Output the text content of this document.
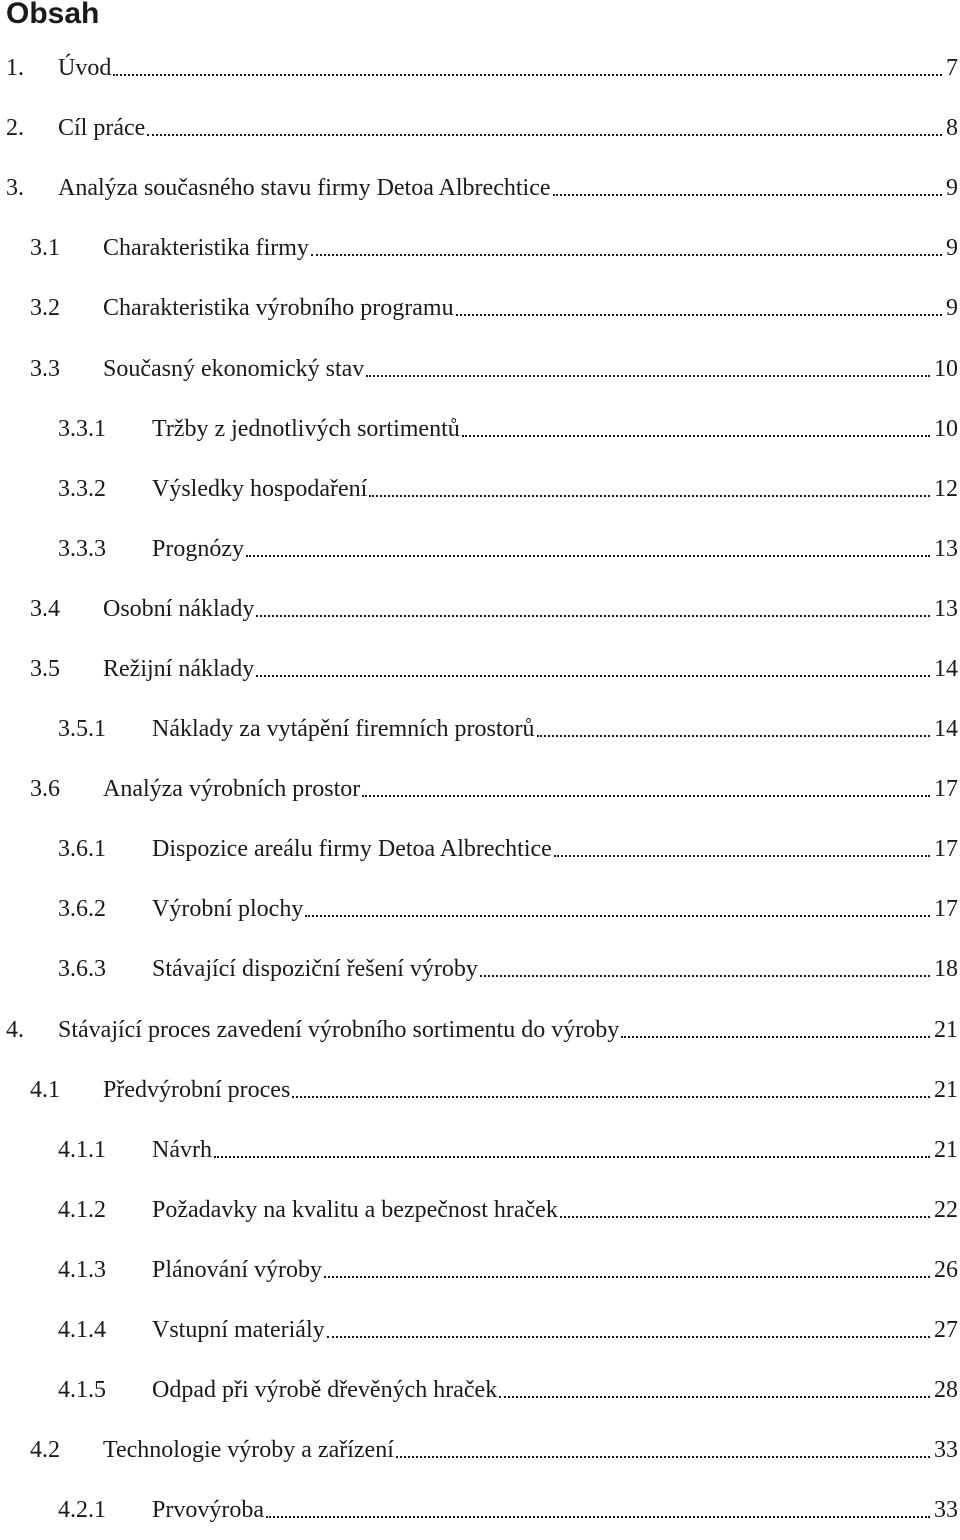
Obsah
1.	Úvod	7
2.	Cíl práce	8
3.	Analýza současného stavu firmy Detoa Albrechtice	9
3.1	Charakteristika firmy	9
3.2	Charakteristika výrobního programu	9
3.3	Současný ekonomický stav	10
3.3.1	Tržby z jednotlivých sortimentů	10
3.3.2	Výsledky hospodaření	12
3.3.3	Prognózy	13
3.4	Osobní náklady	13
3.5	Režijní náklady	14
3.5.1	Náklady za vytápění firemních prostorů	14
3.6	Analýza výrobních prostor	17
3.6.1	Dispozice areálu firmy Detoa Albrechtice	17
3.6.2	Výrobní plochy	17
3.6.3	Stávající dispoziční řešení výroby	18
4.	Stávající proces zavedení výrobního sortimentu do výroby	21
4.1	Předvýrobní proces	21
4.1.1	Návrh	21
4.1.2	Požadavky na kvalitu a bezpečnost hraček	22
4.1.3	Plánování výroby	26
4.1.4	Vstupní materiály	27
4.1.5	Odpad při výrobě dřevěných hraček	28
4.2	Technologie výroby a zařízení	33
4.2.1	Prvovýroba	33
